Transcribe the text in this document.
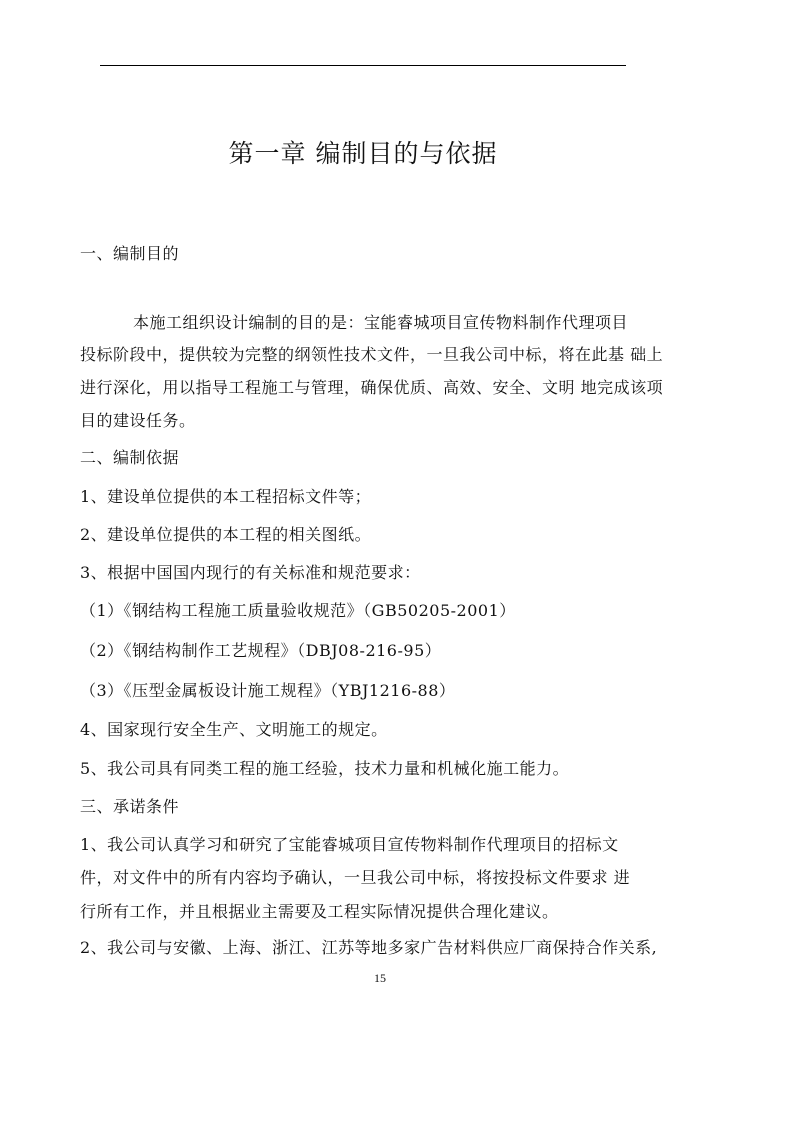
第一章 编制目的与依据
一、编制目的
本施工组织设计编制的目的是：宝能睿城项目宣传物料制作代理项目
投标阶段中，提供较为完整的纲领性技术文件，一旦我公司中标，将在此基 础上
进行深化，用以指导工程施工与管理，确保优质、高效、安全、文明 地完成该项
目的建设任务。
二、编制依据
1、建设单位提供的本工程招标文件等；
2、建设单位提供的本工程的相关图纸。
3、根据中国国内现行的有关标准和规范要求：
（1）《钢结构工程施工质量验收规范》（GB50205-2001）
（2）《钢结构制作工艺规程》（DBJ08-216-95）
（3）《压型金属板设计施工规程》（YBJ1216-88）
4、国家现行安全生产、文明施工的规定。
5、我公司具有同类工程的施工经验，技术力量和机械化施工能力。
三、承诺条件
1、我公司认真学习和研究了宝能睿城项目宣传物料制作代理项目的招标文
件，对文件中的所有内容均予确认，一旦我公司中标，将按投标文件要求 进
行所有工作，并且根据业主需要及工程实际情况提供合理化建议。
2、我公司与安徽、上海、浙江、江苏等地多家广告材料供应厂商保持合作关系,
15
